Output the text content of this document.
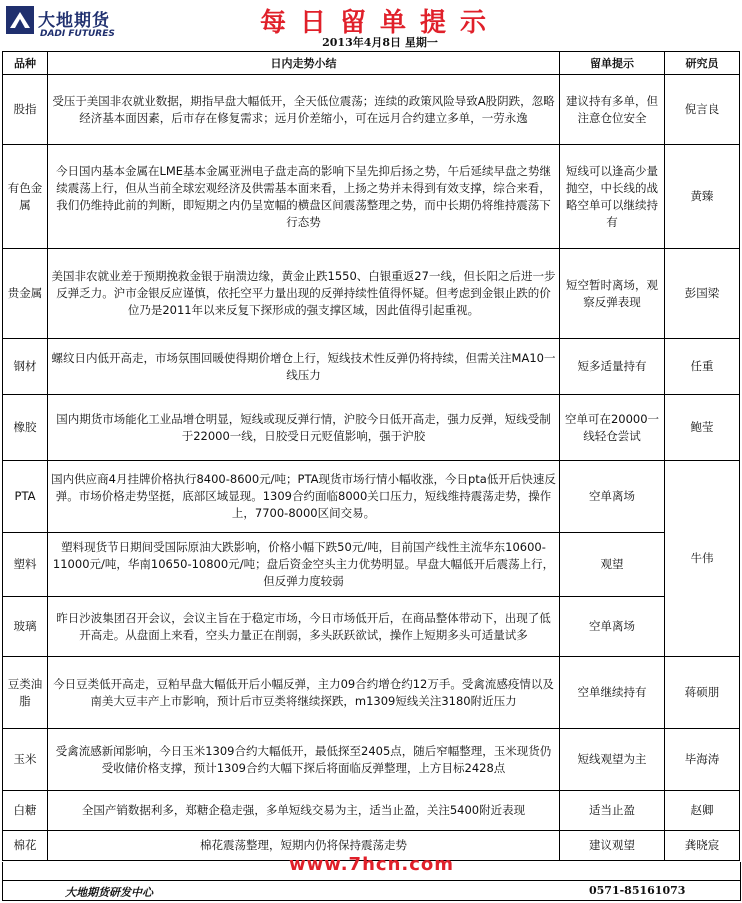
大地期货
DADI FUTURES	每日留单提示
2013年4月8日 星期一
品种	日内走势小结	留单提示	研究员
股指	受压于美国非农就业数据，期指早盘大幅低开，全天低位震荡；连续的政策风险导致A股阴跌，忽略经济基本面因素，后市存在修复需求；远月价差缩小，可在远月合约建立多单，一劳永逸	建议持有多单，但注意仓位安全	倪言良
有色金属	今日国内基本金属在LME基本金属亚洲电子盘走高的影响下呈先抑后扬之势，午后延续早盘之势继续震荡上行，但从当前全球宏观经济及供需基本面来看，上扬之势并未得到有效支撑，综合来看，我们仍维持此前的判断，即短期之内仍呈宽幅的横盘区间震荡整理之势，而中长期仍将维持震荡下行态势	短线可以逢高少量抛空，中长线的战略空单可以继续持有	黄臻
贵金属	美国非农就业差于预期挽救金银于崩溃边缘，黄金止跌1550、白银重返27一线，但长阳之后进一步反弹乏力。沪市金银反应谨慎，依托空平力量出现的反弹持续性值得怀疑。但考虑到金银止跌的价位乃是2011年以来反复下探形成的强支撑区域，因此值得引起重视。	短空暂时离场，观察反弹表现	彭国梁
钢材	螺纹日内低开高走，市场氛围回暖使得期价增仓上行，短线技术性反弹仍将持续，但需关注MA10一线压力	短多适量持有	任重
橡胶	国内期货市场能化工业品增仓明显，短线或现反弹行情，沪胶今日低开高走，强力反弹，短线受制于22000一线，日胶受日元贬值影响，强于沪胶	空单可在20000一线轻仓尝试	鲍莹
PTA	国内供应商4月挂牌价格执行8400-8600元/吨；PTA现货市场行情小幅收涨，今日pta低开后快速反弹。市场价格走势坚挺，底部区域显现。1309合约面临8000关口压力，短线维持震荡走势，操作上，7700-8000区间交易。	空单离场	牛伟
塑料	塑料现货节日期间受国际原油大跌影响，价格小幅下跌50元/吨，目前国产线性主流华东10600-11000元/吨，华南10650-10800元/吨；盘后资金空头主力优势明显。早盘大幅低开后震荡上行，但反弹力度较弱	观望	
玻璃	昨日沙波集团召开会议，会议主旨在于稳定市场，今日市场低开后，在商品整体带动下，出现了低开高走。从盘面上来看，空头力量正在削弱，多头跃跃欲试，操作上短期多头可适量试多	空单离场	
豆类油脂	今日豆类低开高走，豆粕早盘大幅低开后小幅反弹，主力09合约增仓约12万手。受禽流感疫情以及南美大豆丰产上市影响，预计后市豆类将继续探跌，m1309短线关注3180附近压力	空单继续持有	蒋硕朋
玉米	受禽流感新闻影响，今日玉米1309合约大幅低开，最低探至2405点，随后窄幅整理，玉米现货仍受收储价格支撑，预计1309合约大幅下探后将面临反弹整理，上方目标2428点	短线观望为主	毕海涛
白糖	全国产销数据利多，郑糖企稳走强，多单短线交易为主，适当止盈，关注5400附近表现	适当止盈	赵卿
棉花	棉花震荡整理，短期内仍将保持震荡走势	建议观望	龚晓宸
www.7hcn.com
大地期货研发中心	0571-85161073
